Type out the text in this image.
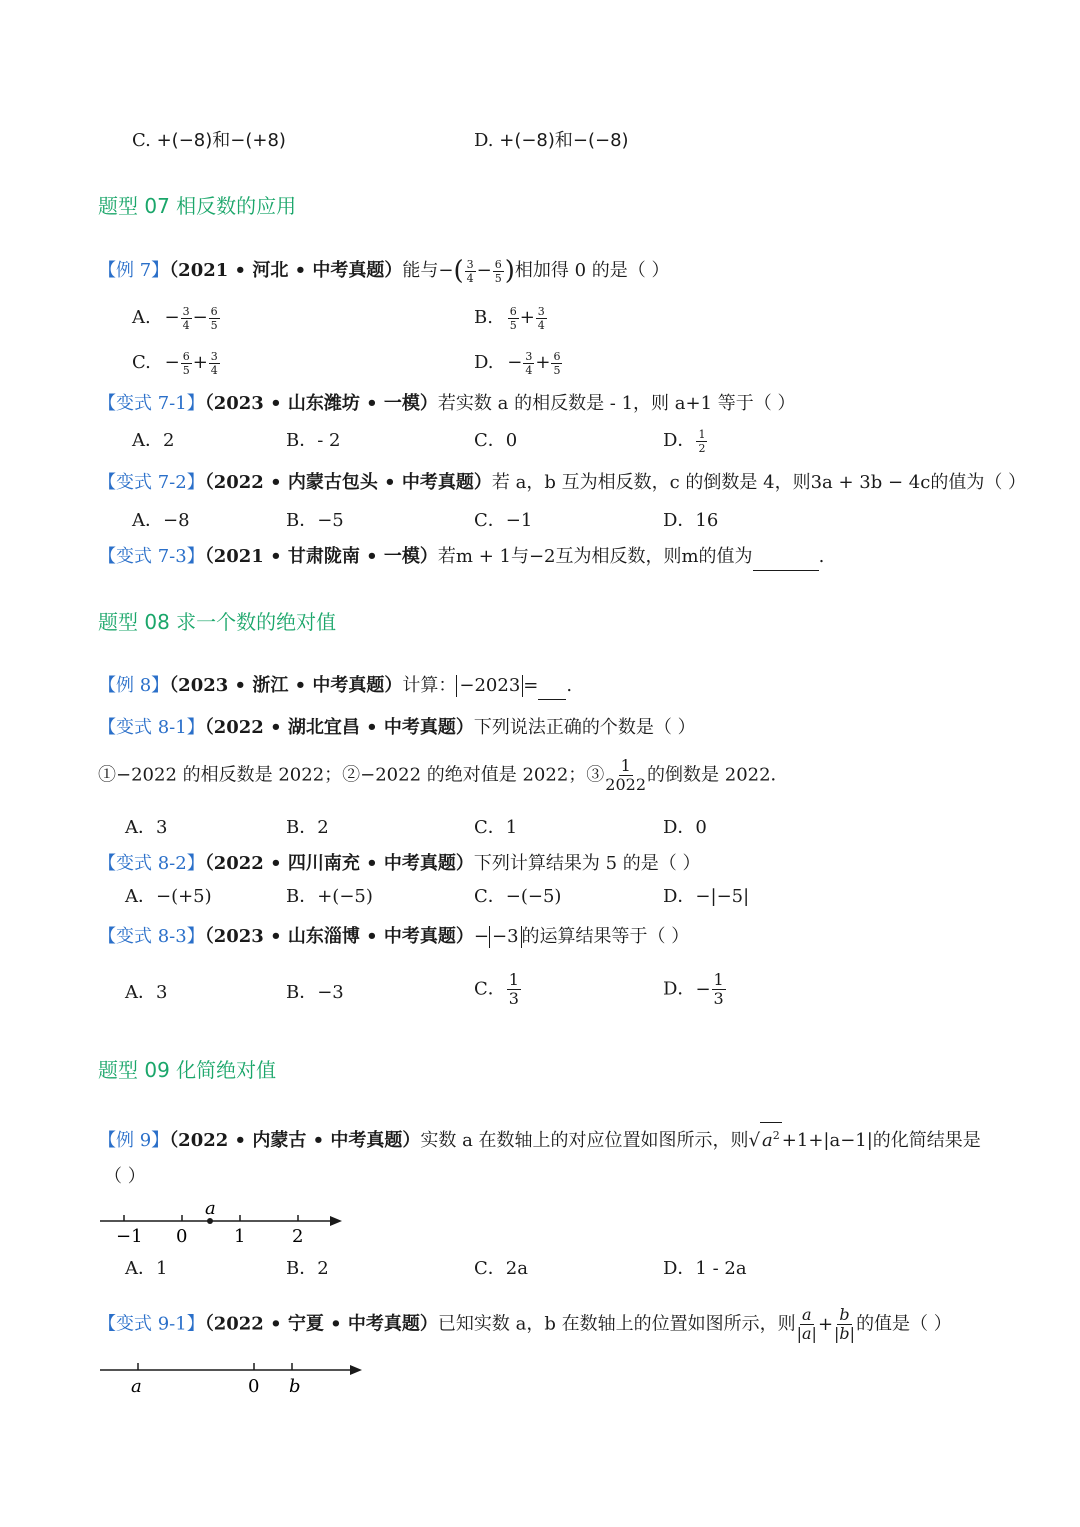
C. +(−8)和−(+8)	D. +(−8)和−(−8)
题型 07 相反数的应用
【例 7】（2021 • 河北 • 中考真题）能与−( $\frac{3}{4} - \frac{6}{5}$ )相加得 0 的是（ ）
A. − $\frac{3}{4} - \frac{6}{5}$	B. $\frac{6}{5} + \frac{3}{4}$
C. − $\frac{6}{5} + \frac{3}{4}$	D. − $\frac{3}{4} + \frac{6}{5}$
【变式 7-1】（2023 • 山东潍坊 • 一模）若实数 a 的相反数是 - 1，则 a+1 等于（ ）
A．2	B．- 2	C．0	D． $\frac{1}{2}$
【变式 7-2】（2022 • 内蒙古包头 • 中考真题）若 a，b 互为相反数，c 的倒数是 4，则3a + 3b − 4c的值为（ ）
A．−8	B．−5	C．−1	D．16
【变式 7-3】（2021 • 甘肃陇南 • 一模）若m + 1与−2互为相反数，则m的值为	.
题型 08 求一个数的绝对值
【例 8】（2023 • 浙江 • 中考真题）计算： −2023 = .
【变式 8-1】（2022 • 湖北宜昌 • 中考真题）下列说法正确的个数是（ ）
①−2022 的相反数是 2022；②−2022 的绝对值是 2022；③ $\frac{1}{2022}$ 的倒数是 2022．
A．3	B．2	C．1	D．0
【变式 8-2】（2022 • 四川南充 • 中考真题）下列计算结果为 5 的是（ ）
A．−(+5)	B．+(−5)	C．−(−5)	D．−|−5|
【变式 8-3】（2023 • 山东淄博 • 中考真题）− −3 的运算结果等于（ ）
A．3	B．−3	C． $\frac{1}{3}$	D．− $\frac{1}{3}$
题型 09 化简绝对值
【例 9】（2022 • 内蒙古 • 中考真题）实数 a 在数轴上的对应位置如图所示，则√ $a^2 +1+|a-1|$的化简结果是
（ ）
−1 0	1	2
a
A．1	B．2	C．2a	D．1 - 2a
【变式 9-1】（2022 • 宁夏 • 中考真题）已知实数 a，b 在数轴上的位置如图所示，则 $\frac{a}{|a|} + \frac{b}{|b|}$ 的值是（ ）
a	0 b
